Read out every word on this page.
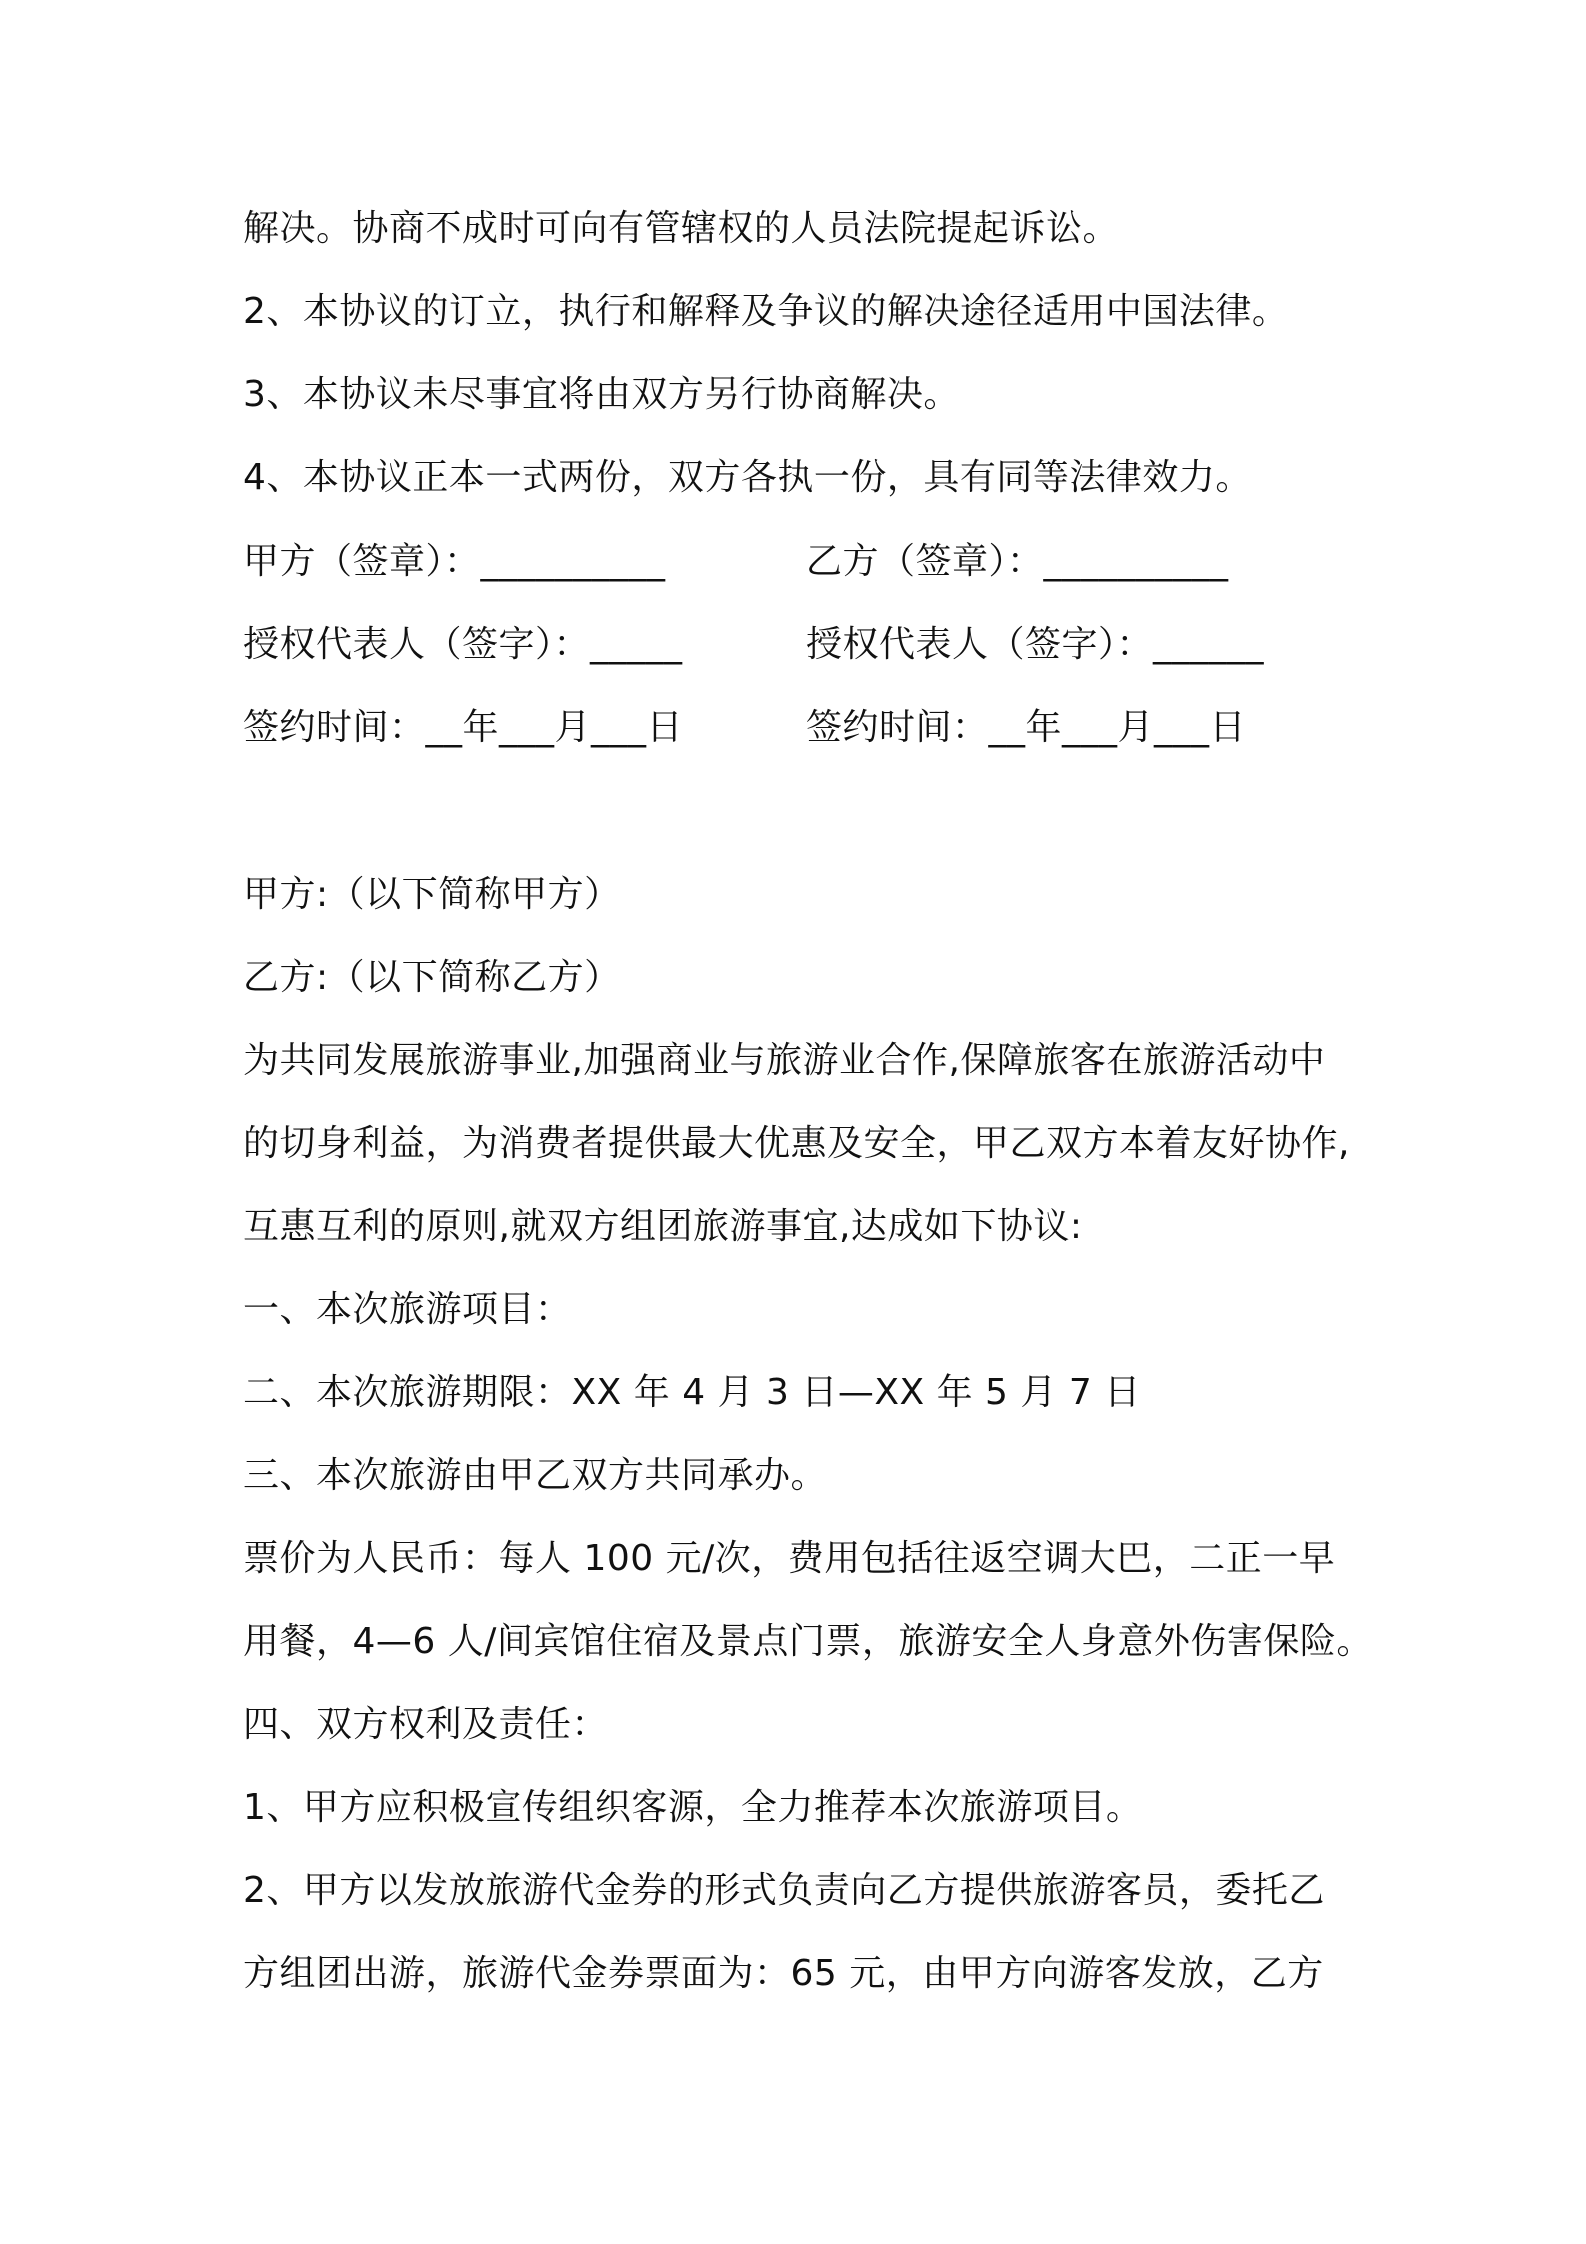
解决。协商不成时可向有管辖权的人员法院提起诉讼。
2、本协议的订立，执行和解释及争议的解决途径适用中国法律。
3、本协议未尽事宜将由双方另行协商解决。
4、本协议正本一式两份，双方各执一份，具有同等法律效力。
甲方（签章）：__________	乙方（签章）：__________
授权代表人（签字）：_____	授权代表人（签字）：______
签约时间：__年___月___日	签约时间：__年___月___日
甲方:（以下简称甲方）
乙方:（以下简称乙方）
为共同发展旅游事业,加强商业与旅游业合作,保障旅客在旅游活动中
的切身利益，为消费者提供最大优惠及安全，甲乙双方本着友好协作,
互惠互利的原则,就双方组团旅游事宜,达成如下协议:
一、本次旅游项目：
二、本次旅游期限：XX 年 4 月 3 日—XX 年 5 月 7 日
三、本次旅游由甲乙双方共同承办。
票价为人民币：每人 100 元/次，费用包括往返空调大巴，二正一早
用餐，4—6 人/间宾馆住宿及景点门票，旅游安全人身意外伤害保险。
四、双方权利及责任：
1、甲方应积极宣传组织客源，全力推荐本次旅游项目。
2、甲方以发放旅游代金券的形式负责向乙方提供旅游客员，委托乙
方组团出游，旅游代金券票面为：65 元，由甲方向游客发放，乙方
